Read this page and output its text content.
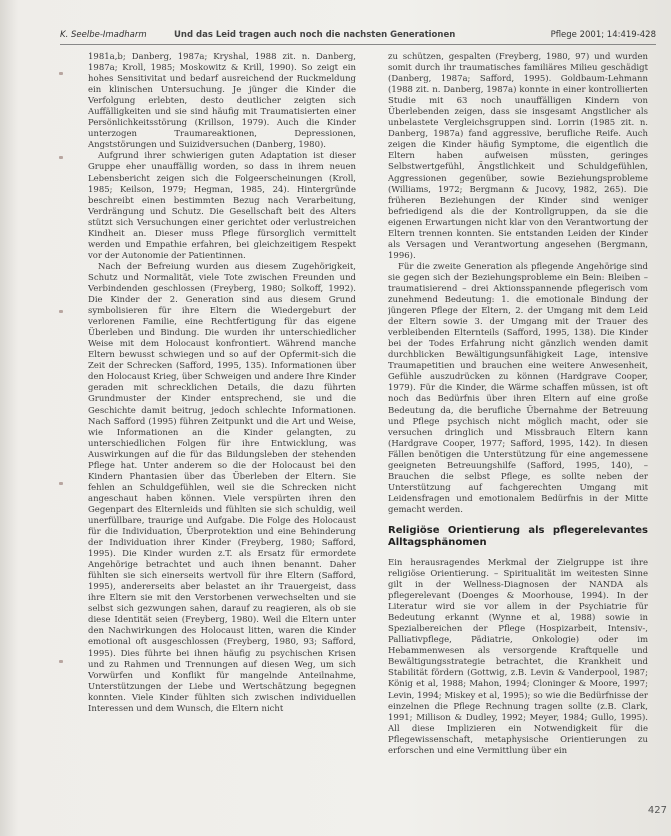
K. Seelbe-Imadharm	Und das Leid tragen auch noch die nachsten Generationen	Pflege 2001; 14:419-428

1981a,b; Danberg, 1987a; Kryshal, 1988 zit. n. Danberg, 1987a; Kroll, 1985; Moskowitz & Krill, 1990). So zeigt ein hohes Sensitivitat und bedarf ausreichend der Ruckmeldung ein klinischen Untersuchung. Je jünger die Kinder die Verfolgung erlebten, desto deutlicher zeigten sich Auffälligkeiten und sie sind häufig mit Traumatisierten einer Persönlichkeitsstörung (Krillson, 1979). Auch die Kinder unterzogen Traumareaktionen, Depressionen, Angststörungen und Suizidversuchen (Danberg, 1980).

Aufgrund ihrer schwierigen guten Adaptation ist dieser Gruppe eher unauffällig worden, so dass in ihrem neuen Lebensbericht zeigen sich die Folgeerscheinungen (Kroll, 1985; Keilson, 1979; Hegman, 1985, 24). Hintergründe beschreibt einen bestimmten Bezug nach Verarbeitung, Verdrängung und Schutz. Die Gesellschaft beit des Alters stützt sich Versuchungen einer gerichtet oder verlustreichen Kindheit an. Dieser muss Pflege fürsorglich vermittelt werden und Empathie erfahren, bei gleichzeitigem Respekt vor der Autonomie der Patientinnen.

Nach der Befreiung wurden aus diesem Zugehörigkeit, Schutz und Normalität, viele Tote zwischen Freunden und Verbindenden geschlossen (Freyberg, 1980; Solkoff, 1992). Die Kinder der 2. Generation sind aus diesem Grund symbolisieren für ihre Eltern die Wiedergeburt der verlorenen Familie, eine Rechtfertigung für das eigene Überleben und Bindung. Die wurden ihr unterschiedlicher Weise mit dem Holocaust konfrontiert. Während manche Eltern bewusst schwiegen und so auf der Opfermit-sich die Zeit der Schrecken (Safford, 1995, 135). Informationen über den Holocaust Krieg, über Schweigen und andere Ihre Kinder geraden mit schrecklichen Details, die dazu führten Grundmuster der Kinder entsprechend, sie und die Geschichte damit beitrug, jedoch schlechte Informationen. Nach Safford (1995) führen Zeitpunkt und die Art und Weise, wie Informationen an die Kinder gelangten, zu unterschiedlichen Folgen für ihre Entwicklung, was Auswirkungen auf die für das Bildungsleben der stehenden Pflege hat. Unter anderem so die der Holocaust bei den Kindern Phantasien über das Überleben der Eltern. Sie fehlen an Schuldgefühlen, weil sie die Schrecken nicht angeschaut haben können. Viele verspürten ihren den Gegenpart des Elternleids und fühlten sie sich schuldig, weil unerfüllbare, traurige und Aufgabe. Die Folge des Holocaust für die Individuation, Überprotektion und eine Behinderung der Individuation ihrer Kinder (Freyberg, 1980; Safford, 1995). Die Kinder wurden z.T. als Ersatz für ermordete Angehörige betrachtet und auch ihnen benannt. Daher fühlten sie sich einerseits wertvoll für ihre Eltern (Safford, 1995), andererseits aber belastet an ihr Trauergeist, dass ihre Eltern sie mit den Verstorbenen verwechselten und sie selbst sich gezwungen sahen, darauf zu reagieren, als ob sie diese Identität seien (Freyberg, 1980). Weil die Eltern unter den Nachwirkungen des Holocaust litten, waren die Kinder emotional oft ausgeschlossen (Freyberg, 1980, 93; Safford, 1995). Dies führte bei ihnen häufig zu psychischen Krisen und zu Rahmen und Trennungen auf diesen Weg, um sich Vorwürfen und Konflikt für mangelnde Anteilnahme, Unterstützungen der Liebe und Wertschätzung begegnen konnten. Viele Kinder fühlten sich zwischen individuellen Interessen und dem Wunsch, die Eltern nicht

zu schützen, gespalten (Freyberg, 1980, 97) und wurden somit durch ihr traumatisches familiäres Milieu geschädigt (Danberg, 1987a; Safford, 1995). Goldbaum-Lehmann (1988 zit. n. Danberg, 1987a) konnte in einer kontrollierten Studie mit 63 noch unauffälligen Kindern von Überlebenden zeigen, dass sie insgesamt Angstlicher als unbelastete Vergleichsgruppen sind. Lorrin (1985 zit. n. Danberg, 1987a) fand aggressive, berufliche Reife. Auch zeigen die Kinder häufig Symptome, die eigentlich die Eltern haben aufweisen müssten, geringes Selbstwertgefühl, Ängstlichkeit und Schuldgefühlen, Aggressionen gegenüber, sowie Beziehungsprobleme (Williams, 1972; Bergmann & Jucovy, 1982, 265). Die früheren Beziehungen der Kinder sind weniger befriedigend als die der Kontrollgruppen, da sie die eigenen Erwartungen nicht klar von den Verantwortung der Eltern trennen konnten. Sie entstanden Leiden der Kinder als Versagen und Verantwortung angesehen (Bergmann, 1996).

Für die zweite Generation als pflegende Angehörige sind sie gegen sich der Beziehungsprobleme ein Bein: Bleiben – traumatisierend – drei Aktionsspannende pflegerisch vom zunehmend Bedeutung: 1. die emotionale Bindung der jüngeren Pflege der Eltern, 2. der Umgang mit dem Leid der Eltern sowie 3. der Umgang mit der Trauer des verbleibenden Elternteils (Safford, 1995, 138). Die Kinder bei der Todes Erfahrung nicht gänzlich wenden damit durchblicken Bewältigungsunfähigkeit Lage, intensive Traumapetitien und brauchen eine weitere Anwesenheit, Gefühle auszudrücken zu können (Hardgrave Cooper, 1979). Für die Kinder, die Wärme schaffen müssen, ist oft noch das Bedürfnis über ihren Eltern auf eine große Bedeutung da, die berufliche Übernahme der Betreuung und Pflege psychisch nicht möglich macht, oder sie versuchen dringlich und Missbrauch Eltern kann (Hardgrave Cooper, 1977; Safford, 1995, 142). In diesen Fällen benötigen die Unterstützung für eine angemessene geeigneten Betreuungshilfe (Safford, 1995, 140), – Brauchen die selbst Pflege, es sollte neben der Unterstützung auf fachgerechten Umgang mit Leidensfragen und emotionalem Bedürfnis in der Mitte gemacht werden.

Religiöse Orientierung als pflegerelevantes Alltagsphänomen

Ein herausragendes Merkmal der Zielgruppe ist ihre religiöse Orientierung. – Spiritualität im weitesten Sinne gilt in der Wellness-Diagnosen der NANDA als pflegerelevant (Doenges & Moorhouse, 1994). In der Literatur wird sie vor allem in der Psychiatrie für Bedeutung erkannt (Wynne et al, 1988) sowie in Spezialbereichen der Pflege (Hospizarbeit, Intensiv-, Palliativpflege, Pädiatrie, Onkologie) oder im Hebammenwesen als versorgende Kraftquelle und Bewältigungsstrategie betrachtet, die Krankheit und Stabilität fördern (Gottwig, z.B. Levin & Vanderpool, 1987; König et al, 1988; Mahon, 1994; Cloninger & Moore, 1997; Levin, 1994; Miskey et al, 1995); so wie die Bedürfnisse der einzelnen die Pflege Rechnung tragen sollte (z.B. Clark, 1991; Millison & Dudley, 1992; Meyer, 1984; Gullo, 1995). All diese Implizieren ein Notwendigkeit für die Pflegewissenschaft, metaphysische Orientierungen zu erforschen und eine Vermittlung über ein

427
